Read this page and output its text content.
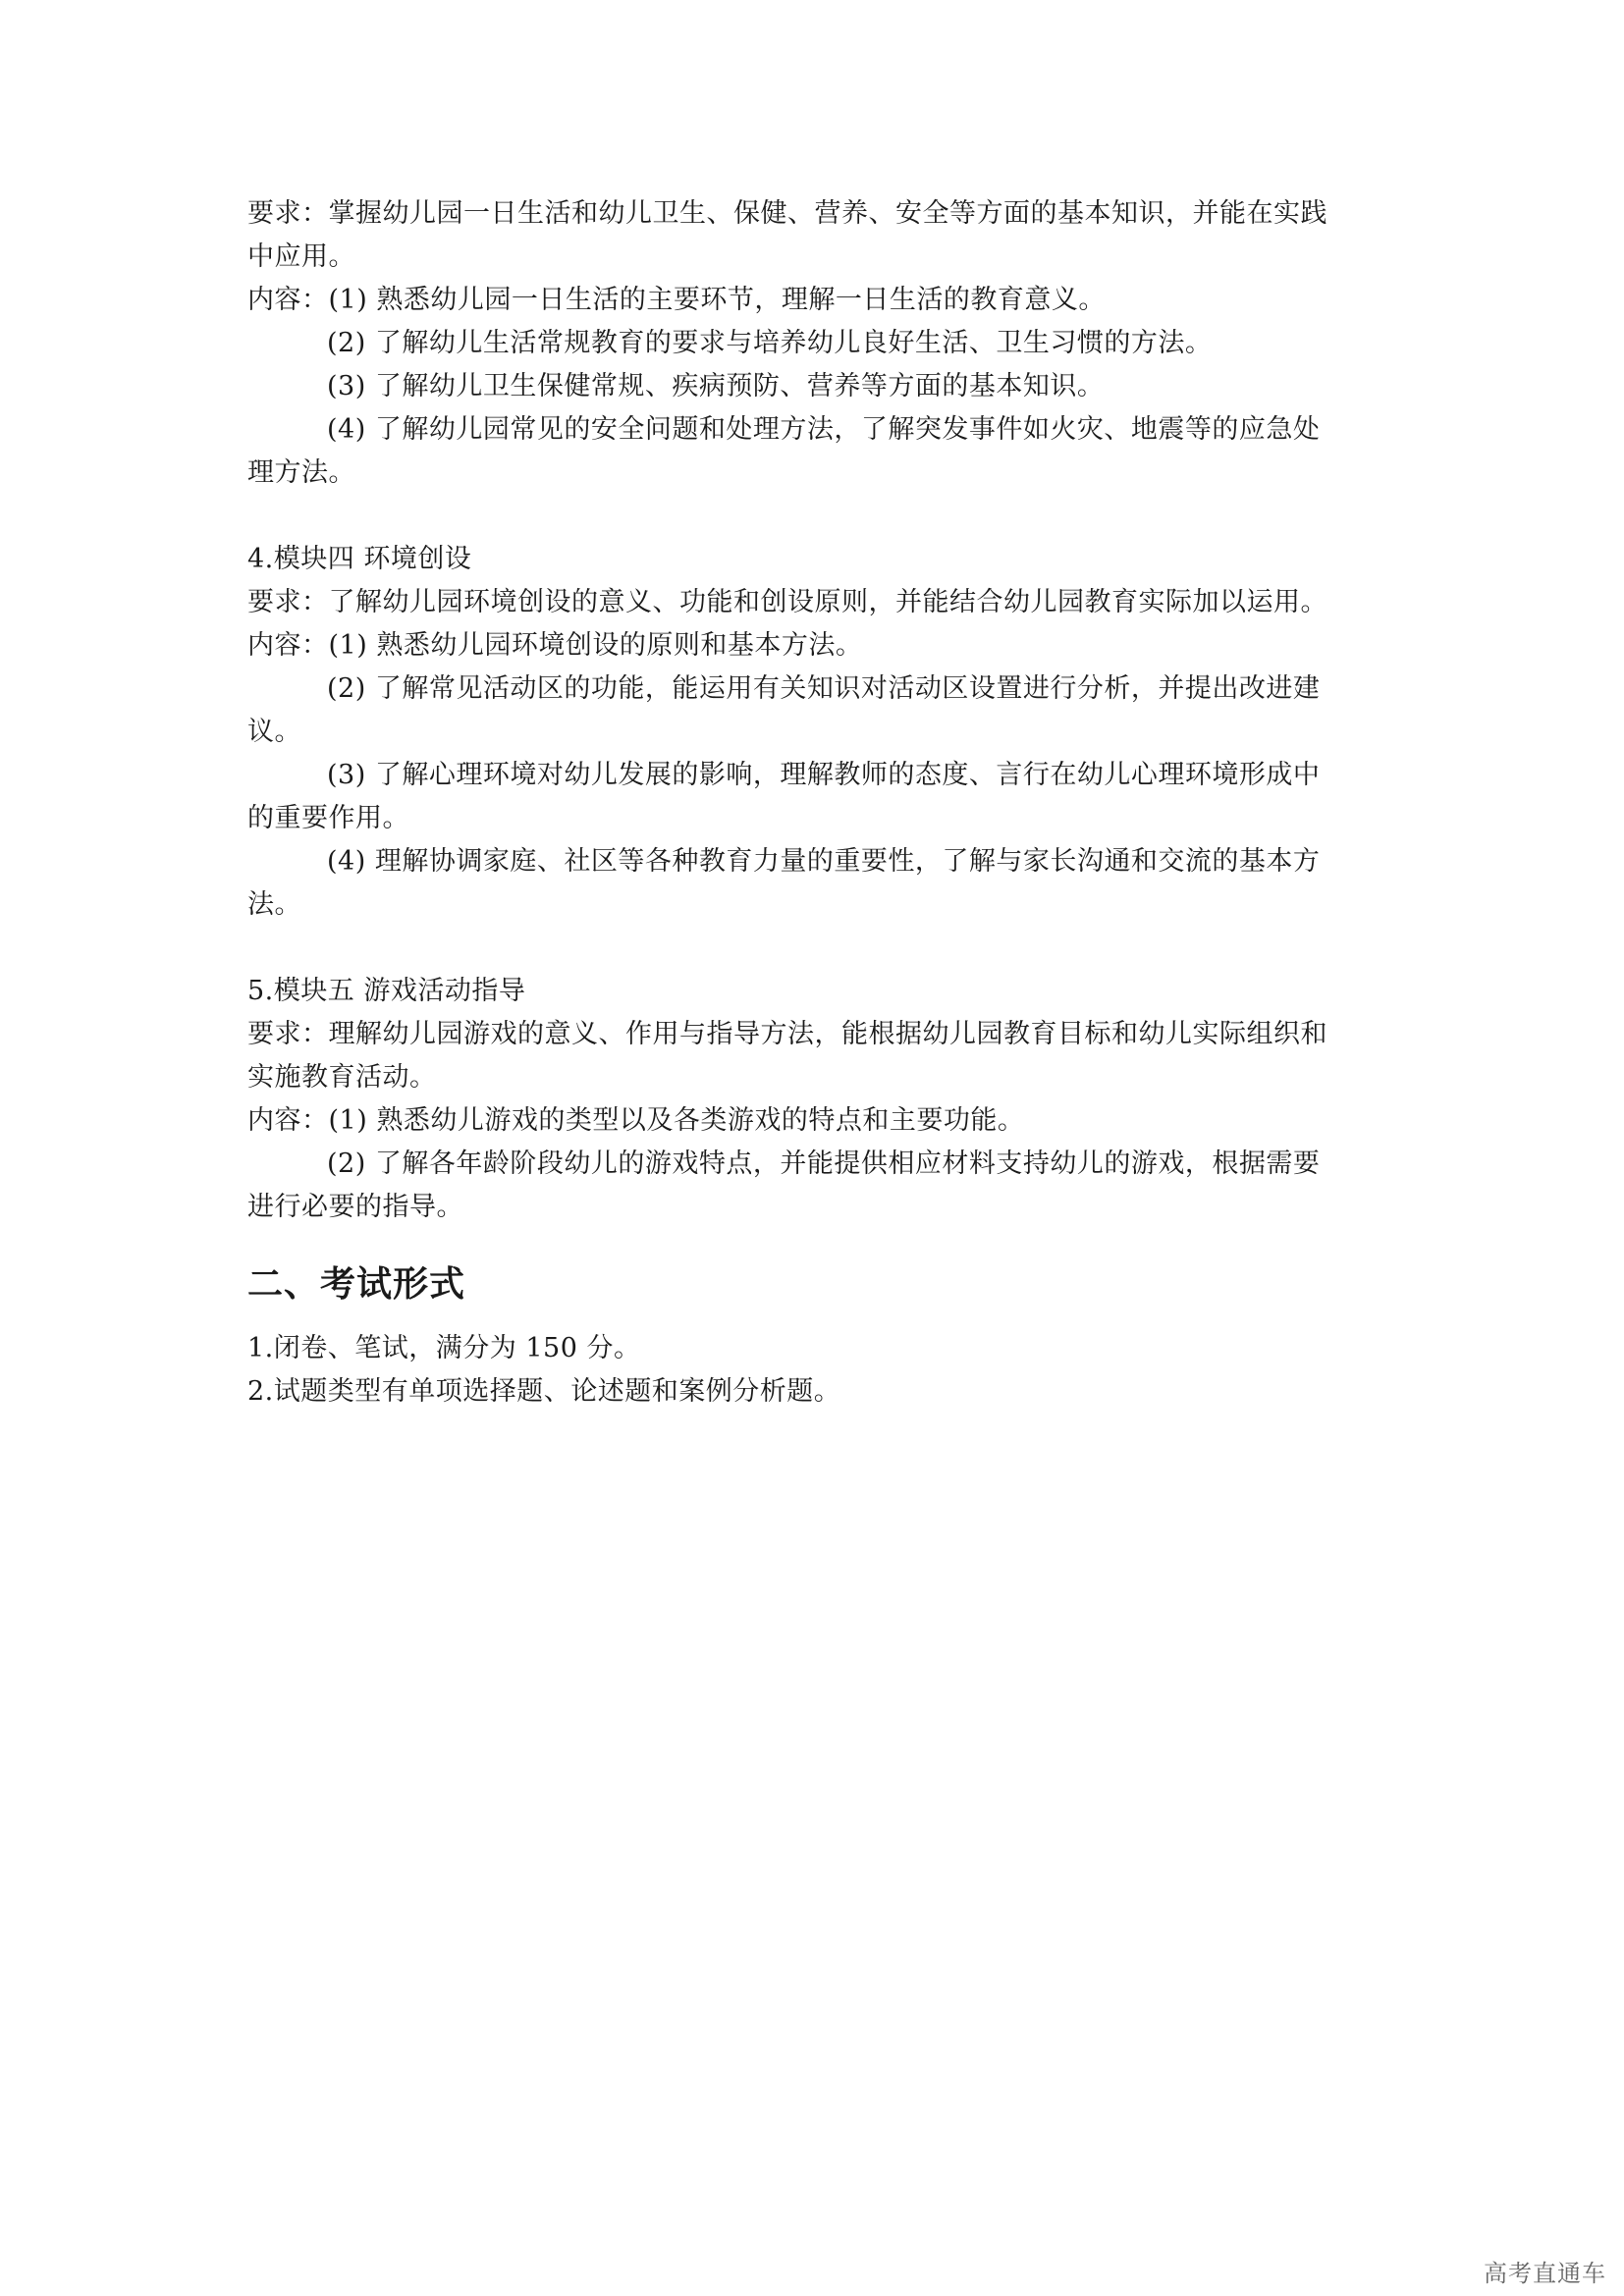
要求：掌握幼儿园一日生活和幼儿卫生、保健、营养、安全等方面的基本知识，并能在实践
中应用。
内容：(1) 熟悉幼儿园一日生活的主要环节，理解一日生活的教育意义。
(2) 了解幼儿生活常规教育的要求与培养幼儿良好生活、卫生习惯的方法。
(3) 了解幼儿卫生保健常规、疾病预防、营养等方面的基本知识。
(4) 了解幼儿园常见的安全问题和处理方法，了解突发事件如火灾、地震等的应急处
理方法。
4.模块四 环境创设
要求：了解幼儿园环境创设的意义、功能和创设原则，并能结合幼儿园教育实际加以运用。
内容：(1) 熟悉幼儿园环境创设的原则和基本方法。
(2) 了解常见活动区的功能，能运用有关知识对活动区设置进行分析，并提出改进建
议。
(3) 了解心理环境对幼儿发展的影响，理解教师的态度、言行在幼儿心理环境形成中
的重要作用。
(4) 理解协调家庭、社区等各种教育力量的重要性，了解与家长沟通和交流的基本方
法。
5.模块五 游戏活动指导
要求：理解幼儿园游戏的意义、作用与指导方法，能根据幼儿园教育目标和幼儿实际组织和
实施教育活动。
内容：(1) 熟悉幼儿游戏的类型以及各类游戏的特点和主要功能。
(2) 了解各年龄阶段幼儿的游戏特点，并能提供相应材料支持幼儿的游戏，根据需要
进行必要的指导。
二、考试形式
1.闭卷、笔试，满分为 150 分。
2.试题类型有单项选择题、论述题和案例分析题。
高考直通车
